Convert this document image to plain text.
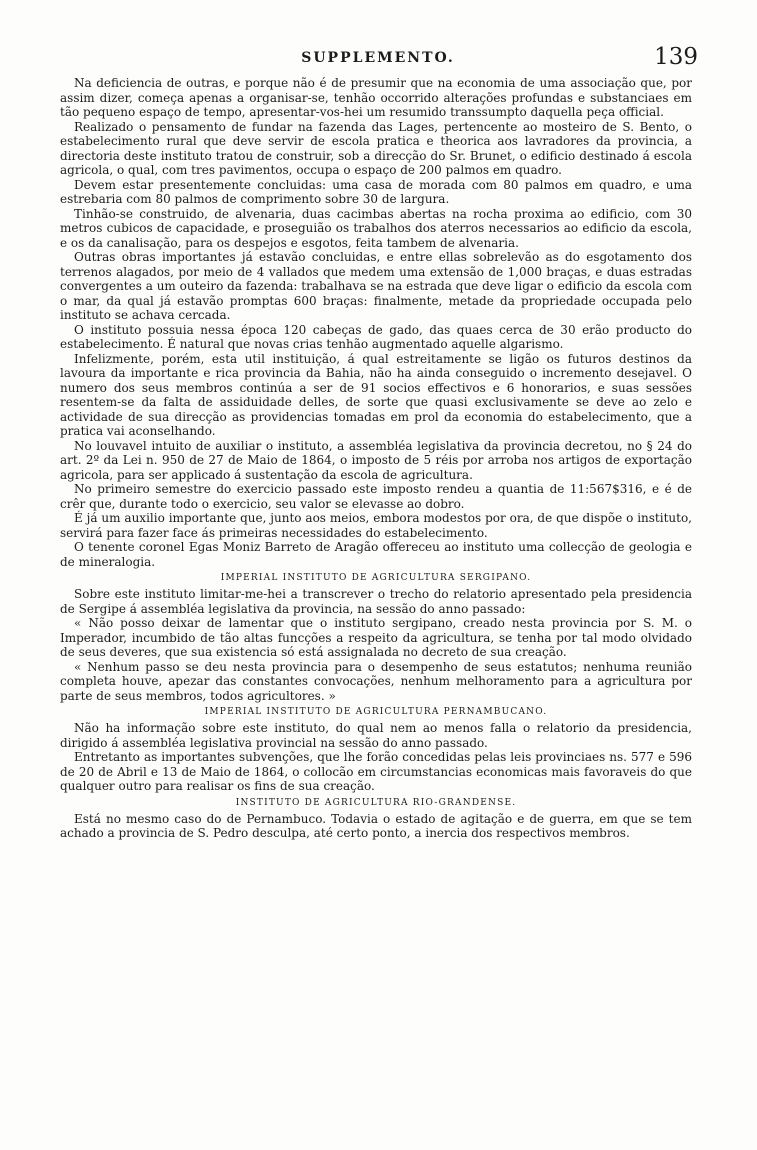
SUPPLEMENTO.	139

Na deficiencia de outras, e porque não é de presumir que na economia de uma associação que, por assim dizer, começa apenas a organisar-se, tenhão occorrido alterações profundas e substanciaes em tão pequeno espaço de tempo, apresentar-vos-hei um resumido transsumpto daquella peça official.

Realizado o pensamento de fundar na fazenda das Lages, pertencente ao mosteiro de S. Bento, o estabelecimento rural que deve servir de escola pratica e theorica aos lavradores da provincia, a directoria deste instituto tratou de construir, sob a direcção do Sr. Brunet, o edificio destinado á escola agricola, o qual, com tres pavimentos, occupa o espaço de 200 palmos em quadro.

Devem estar presentemente concluidas: uma casa de morada com 80 palmos em quadro, e uma estrebaria com 80 palmos de comprimento sobre 30 de largura.

Tinhão-se construido, de alvenaria, duas cacimbas abertas na rocha proxima ao edificio, com 30 metros cubicos de capacidade, e proseguião os trabalhos dos aterros necessarios ao edificio da escola, e os da canalisação, para os despejos e esgotos, feita tambem de alvenaria.

Outras obras importantes já estavão concluidas, e entre ellas sobrelevão as do esgotamento dos terrenos alagados, por meio de 4 vallados que medem uma extensão de 1,000 braças, e duas estradas convergentes a um outeiro da fazenda: trabalhava se na estrada que deve ligar o edificio da escola com o mar, da qual já estavão promptas 600 braças: finalmente, metade da propriedade occupada pelo instituto se achava cercada.

O instituto possuia nessa época 120 cabeças de gado, das quaes cerca de 30 erão producto do estabelecimento. É natural que novas crias tenhão augmentado aquelle algarismo.

Infelizmente, porém, esta util instituição, á qual estreitamente se ligão os futuros destinos da lavoura da importante e rica provincia da Bahia, não ha ainda conseguido o incremento desejavel. O numero dos seus membros continúa a ser de 91 socios effectivos e 6 honorarios, e suas sessões resentem-se da falta de assiduidade delles, de sorte que quasi exclusivamente se deve ao zelo e actividade de sua direcção as providencias tomadas em prol da economia do estabelecimento, que a pratica vai aconselhando.

No louvavel intuito de auxiliar o instituto, a assembléa legislativa da provincia decretou, no § 24 do art. 2º da Lei n. 950 de 27 de Maio de 1864, o imposto de 5 réis por arroba nos artigos de exportação agricola, para ser applicado á sustentação da escola de agricultura.

No primeiro semestre do exercicio passado este imposto rendeu a quantia de 11:567$316, e é de crêr que, durante todo o exercicio, seu valor se elevasse ao dobro.

É já um auxilio importante que, junto aos meios, embora modestos por ora, de que dispõe o instituto, servirá para fazer face ás primeiras necessidades do estabelecimento.

O tenente coronel Egas Moniz Barreto de Aragão offereceu ao instituto uma collecção de geologia e de mineralogia.

IMPERIAL INSTITUTO DE AGRICULTURA SERGIPANO.

Sobre este instituto limitar-me-hei a transcrever o trecho do relatorio apresentado pela presidencia de Sergipe á assembléa legislativa da provincia, na sessão do anno passado:

« Não posso deixar de lamentar que o instituto sergipano, creado nesta provincia por S. M. o Imperador, incumbido de tão altas funcções a respeito da agricultura, se tenha por tal modo olvidado de seus deveres, que sua existencia só está assignalada no decreto de sua creação.

« Nenhum passo se deu nesta provincia para o desempenho de seus estatutos; nenhuma reunião completa houve, apezar das constantes convocações, nenhum melhoramento para a agricultura por parte de seus membros, todos agricultores. »

IMPERIAL INSTITUTO DE AGRICULTURA PERNAMBUCANO.

Não ha informação sobre este instituto, do qual nem ao menos falla o relatorio da presidencia, dirigido á assembléa legislativa provincial na sessão do anno passado.

Entretanto as importantes subvenções, que lhe forão concedidas pelas leis provinciaes ns. 577 e 596 de 20 de Abril e 13 de Maio de 1864, o collocão em circumstancias economicas mais favoraveis do que qualquer outro para realisar os fins de sua creação.

INSTITUTO DE AGRICULTURA RIO-GRANDENSE.

Está no mesmo caso do de Pernambuco. Todavia o estado de agitação e de guerra, em que se tem achado a provincia de S. Pedro desculpa, até certo ponto, a inercia dos respectivos membros.
